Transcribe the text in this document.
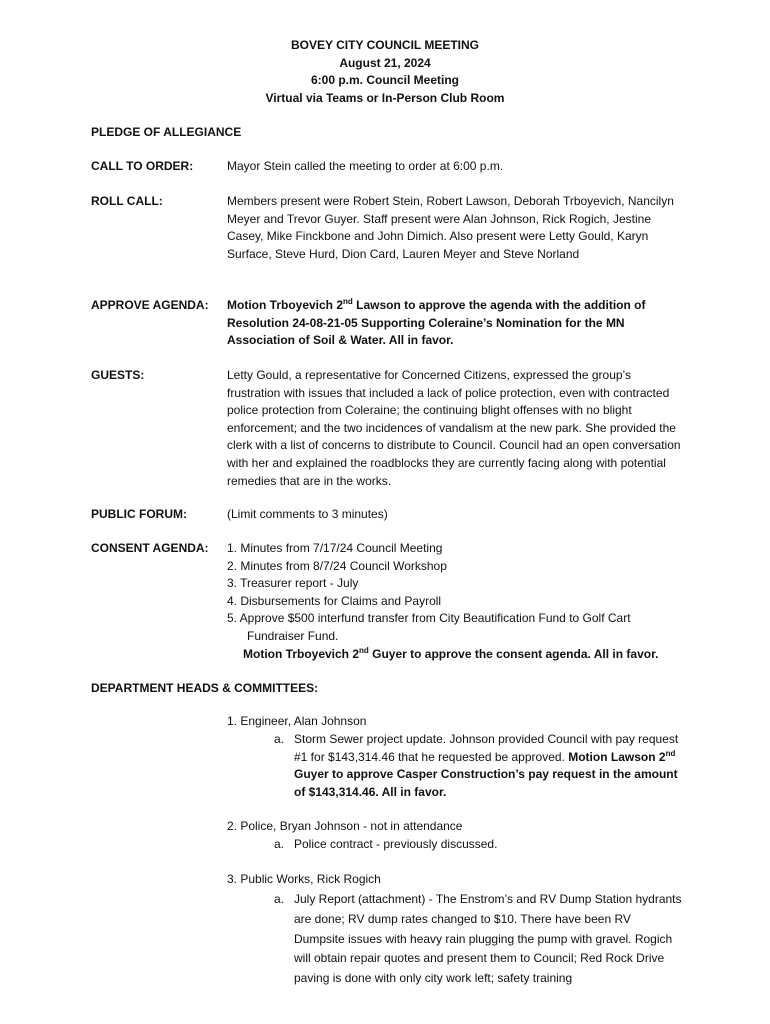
BOVEY CITY COUNCIL MEETING
August 21, 2024
6:00 p.m. Council Meeting
Virtual via Teams or In-Person Club Room
PLEDGE OF ALLEGIANCE
CALL TO ORDER:	Mayor Stein called the meeting to order at 6:00 p.m.
ROLL CALL:	Members present were Robert Stein, Robert Lawson, Deborah Trboyevich, Nancilyn Meyer and Trevor Guyer. Staff present were Alan Johnson, Rick Rogich, Jestine Casey, Mike Finckbone and John Dimich. Also present were Letty Gould, Karyn Surface, Steve Hurd, Dion Card, Lauren Meyer and Steve Norland
APPROVE AGENDA: Motion Trboyevich 2nd Lawson to approve the agenda with the addition of Resolution 24-08-21-05 Supporting Coleraine’s Nomination for the MN Association of Soil & Water. All in favor.
GUESTS:	Letty Gould, a representative for Concerned Citizens, expressed the group’s frustration with issues that included a lack of police protection, even with contracted police protection from Coleraine; the continuing blight offenses with no blight enforcement; and the two incidences of vandalism at the new park. She provided the clerk with a list of concerns to distribute to Council. Council had an open conversation with her and explained the roadblocks they are currently facing along with potential remedies that are in the works.
PUBLIC FORUM:	(Limit comments to 3 minutes)
CONSENT AGENDA: 1. Minutes from 7/17/24 Council Meeting
2. Minutes from 8/7/24 Council Workshop
3. Treasurer report - July
4. Disbursements for Claims and Payroll
5. Approve $500 interfund transfer from City Beautification Fund to Golf Cart Fundraiser Fund.
Motion Trboyevich 2nd Guyer to approve the consent agenda. All in favor.
DEPARTMENT HEADS & COMMITTEES:
1. Engineer, Alan Johnson
a. Storm Sewer project update. Johnson provided Council with pay request #1 for $143,314.46 that he requested be approved. Motion Lawson 2nd Guyer to approve Casper Construction’s pay request in the amount of $143,314.46. All in favor.
2. Police, Bryan Johnson - not in attendance
a. Police contract - previously discussed.
3. Public Works, Rick Rogich
a. July Report (attachment) - The Enstrom’s and RV Dump Station hydrants are done; RV dump rates changed to $10. There have been RV Dumpsite issues with heavy rain plugging the pump with gravel. Rogich will obtain repair quotes and present them to Council; Red Rock Drive paving is done with only city work left; safety training
